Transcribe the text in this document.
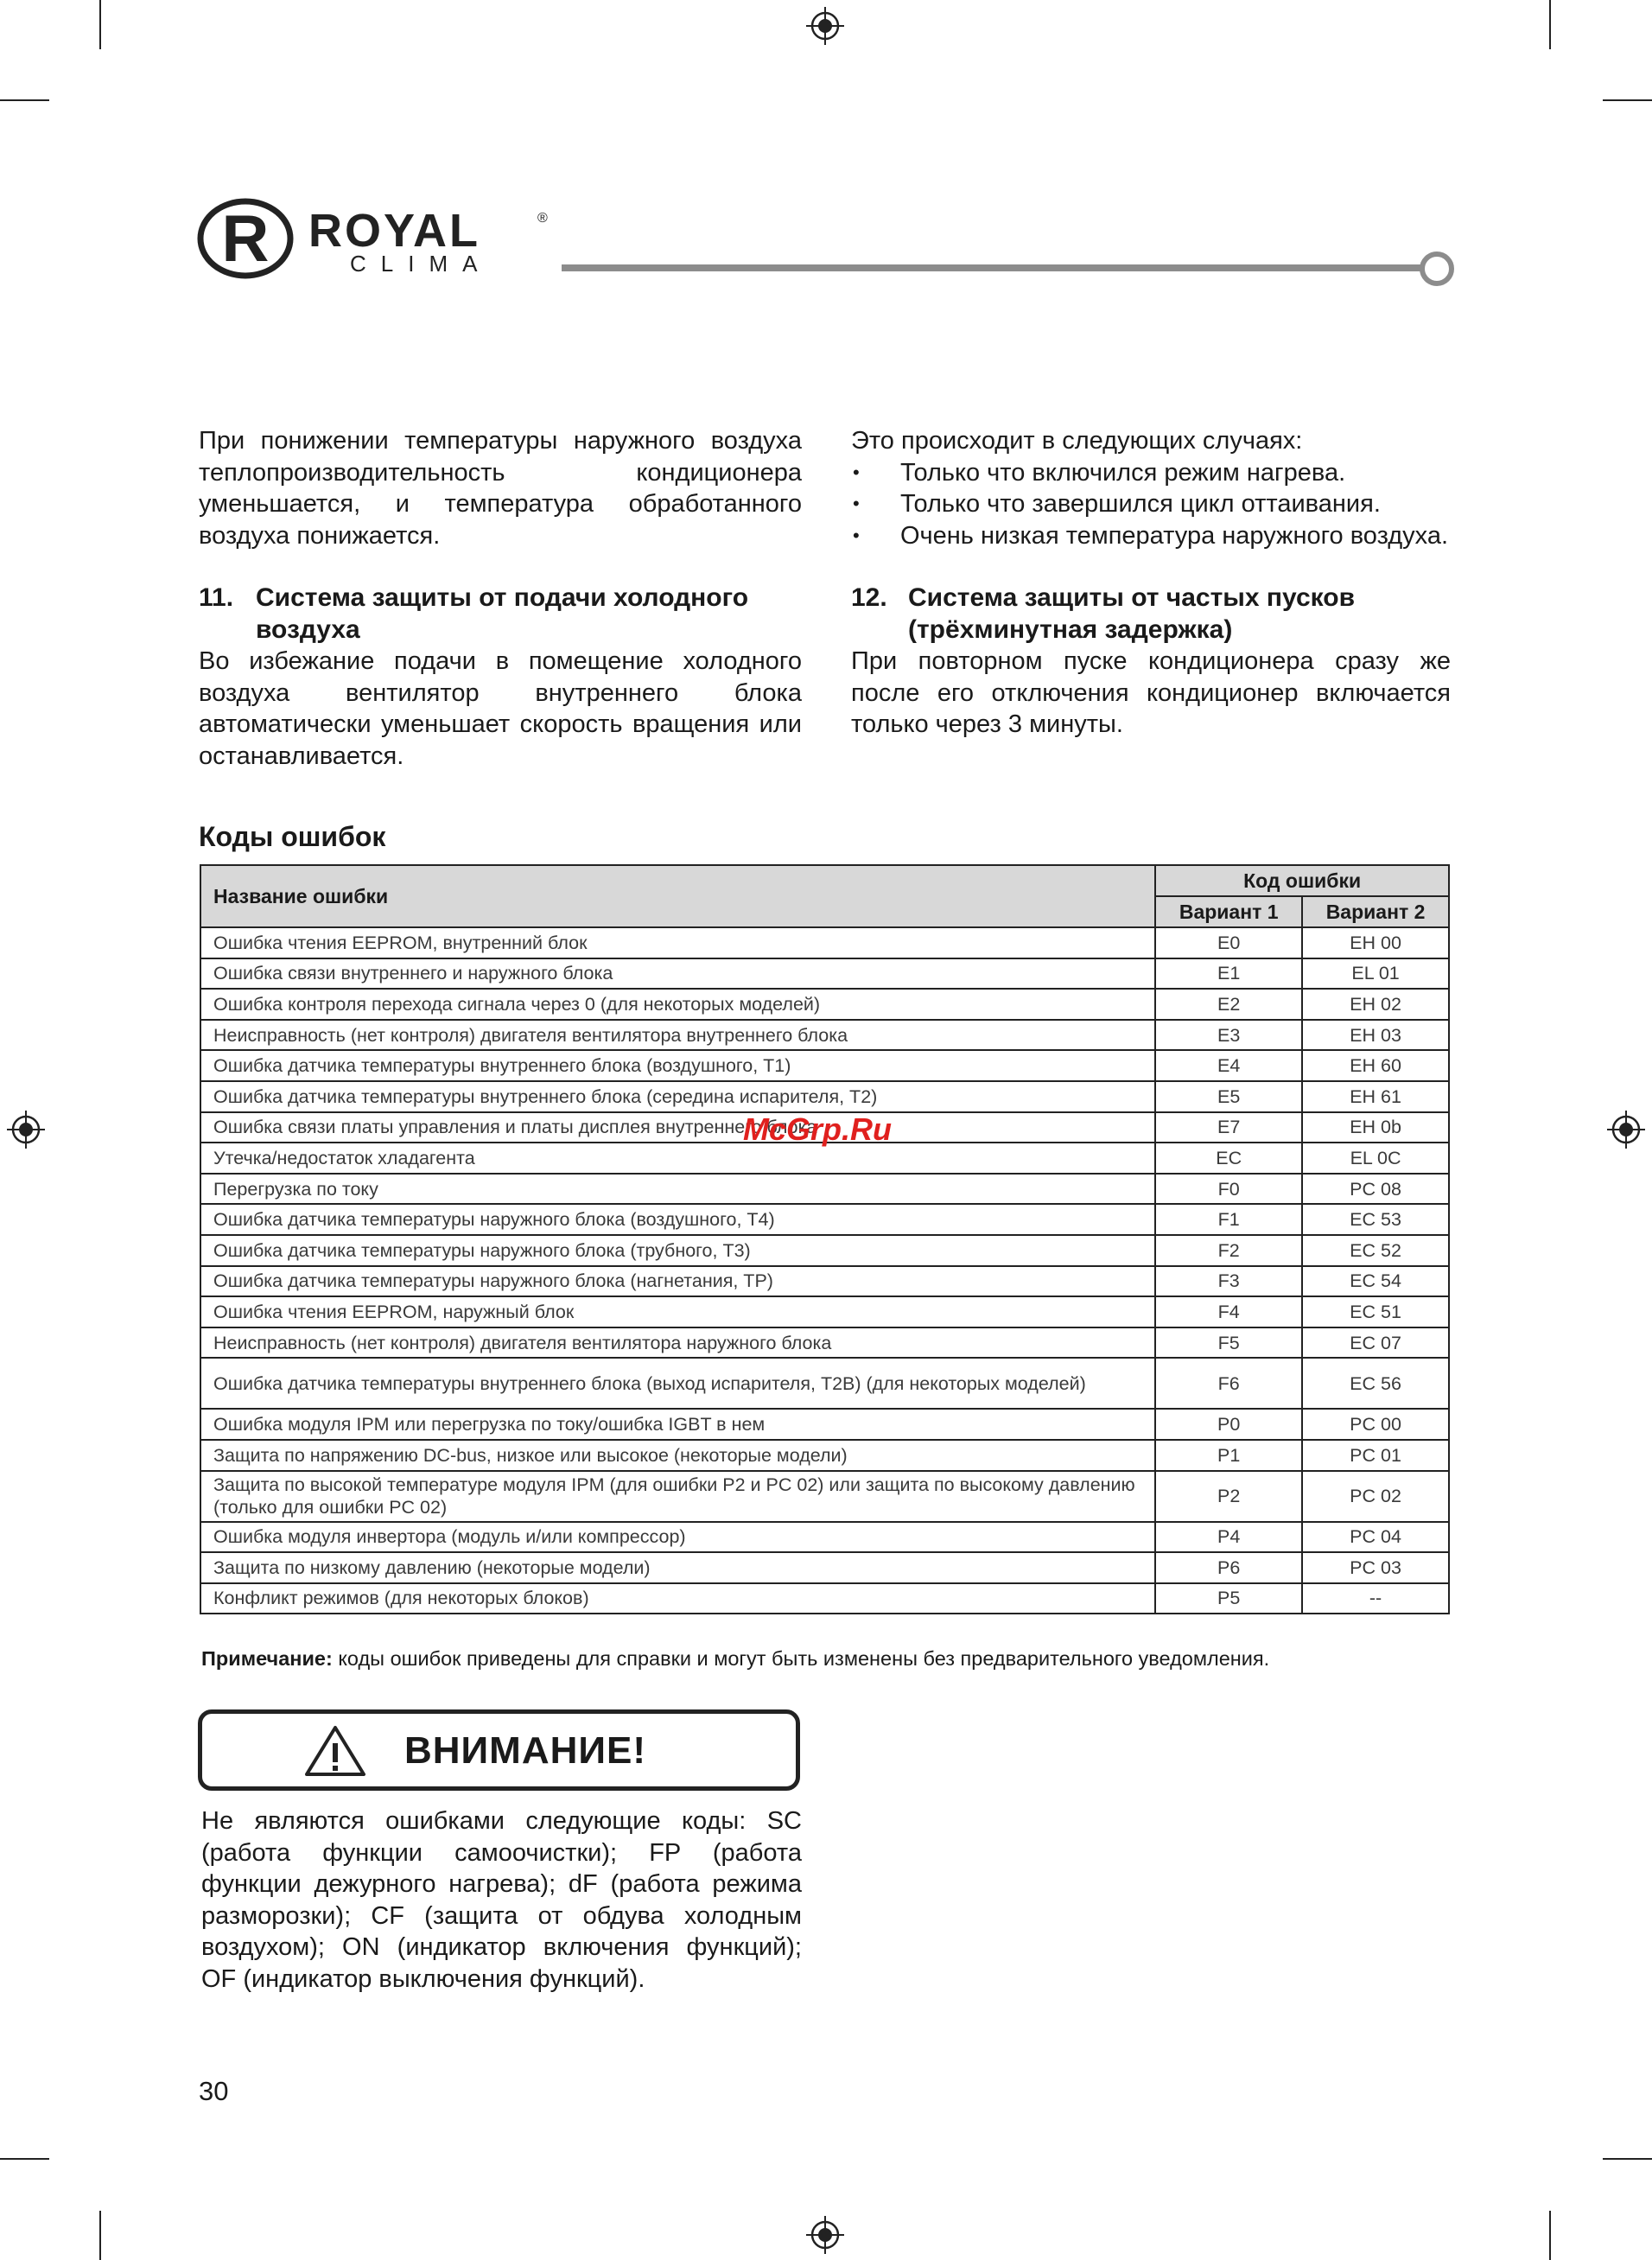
R ROYAL	®
CLIMA

При понижении температуры наружного воздуха теплопроизводительность кондиционера уменьшается, и температура обработанного воздуха понижается.

11. Система защиты от подачи холодного воздуха

Во избежание подачи в помещение холодного воздуха вентилятор внутреннего блока автоматически уменьшает скорость вращения или останавливается.

Это происходит в следующих случаях:

• Только что включился режим нагрева.
• Только что завершился цикл оттаивания.
• Очень низкая температура наружного воздуха.
12. Система защиты от частых пусков (трёхминутная задержка)

При повторном пуске кондиционера сразу же после его отключения кондиционер включается только через 3 минуты.

Коды ошибок
Название ошибки	Код ошибки	
	Вариант 1	Вариант 2
Ошибка чтения EEPROM, внутренний блок	E0	EH 00
Ошибка связи внутреннего и наружного блока	E1	EL 01
Ошибка контроля перехода сигнала через 0 (для некоторых моделей)	E2	EH 02
Неисправность (нет контроля) двигателя вентилятора внутреннего блока	E3	EH 03
Ошибка датчика температуры внутреннего блока (воздушного, T1)	E4	EH 60
Ошибка датчика температуры внутреннего блока (середина испарителя, T2)	E5	EH 61
Ошибка связи платы управления и платы дисплея внутреннего блока	E7	EH 0b
Утечка/недостаток хладагента	EC	EL 0C
Перегрузка по току	F0	PC 08
Ошибка датчика температуры наружного блока (воздушного, T4)	F1	EC 53
Ошибка датчика температуры наружного блока (трубного, T3)	F2	EC 52
Ошибка датчика температуры наружного блока (нагнетания, TP)	F3	EC 54
Ошибка чтения EEPROM, наружный блок	F4	EC 51
Неисправность (нет контроля) двигателя вентилятора наружного блока	F5	EC 07
Ошибка датчика температуры внутреннего блока (выход испарителя, T2B) (для некоторых моделей)	F6	EC 56
Ошибка модуля IPM или перегрузка по току/ошибка IGBT в нем	P0	PC 00
Защита по напряжению DC-bus, низкое или высокое (некоторые модели)	P1	PC 01
Защита по высокой температуре модуля IPM (для ошибки P2 и PC 02) или защита по высокому давлению (только для ошибки PC 02)	P2	PC 02
Ошибка модуля инвертора (модуль и/или компрессор)	P4	PC 04
Защита по низкому давлению (некоторые модели)	P6	PC 03
Конфликт режимов (для некоторых блоков)	P5	--
McGrp.Ru
Примечание: коды ошибок приведены для справки и могут быть изменены без предварительного уведомления.
ВНИМАНИЕ!

Не являются ошибками следующие коды: SC (работа функции самоочистки); FP (работа функции дежурного нагрева); dF (работа режима разморозки); CF (защита от обдува холодным воздухом); ON (индикатор включения функций); OF (индикатор выключения функций).

30
